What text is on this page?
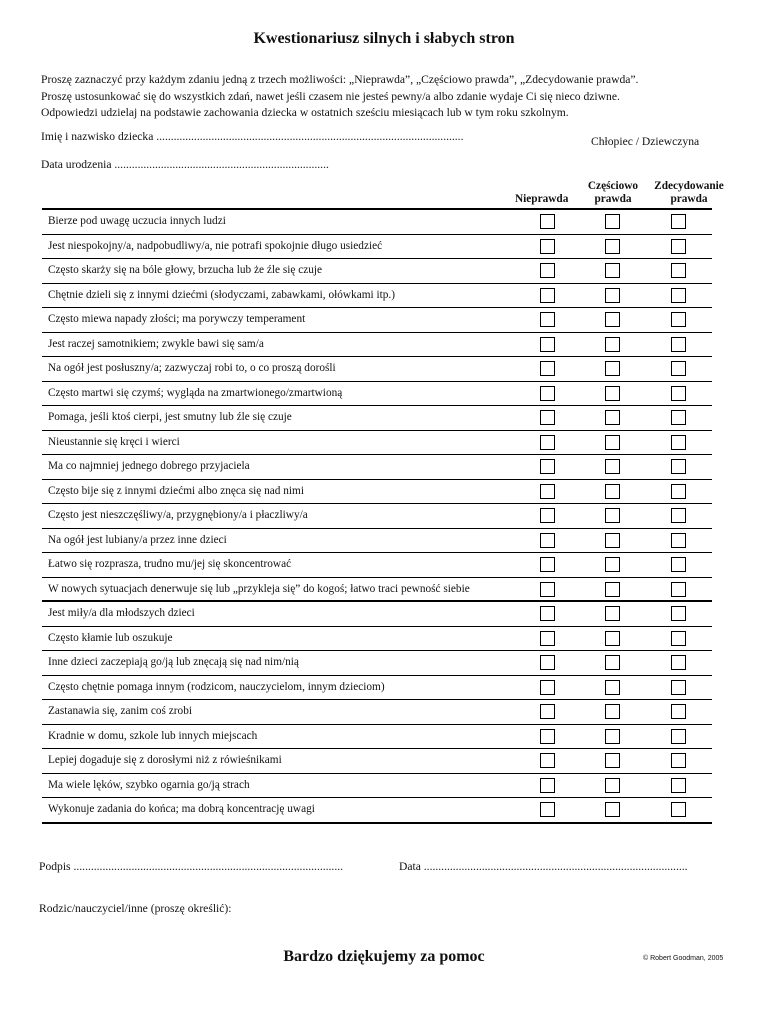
Kwestionariusz silnych i słabych stron
Proszę zaznaczyć przy każdym zdaniu jedną z trzech możliwości: „Nieprawda”, „Częściowo prawda”, „Zdecydowanie prawda”.
Proszę ustosunkować się do wszystkich zdań, nawet jeśli czasem nie jesteś pewny/a albo zdanie wydaje Ci się nieco dziwne.
Odpowiedzi udzielaj na podstawie zachowania dziecka w ostatnich sześciu miesiącach lub w tym roku szkolnym.
Imię i nazwisko dziecka ..........................................................................................................	Chłopiec / Dziewczyna
Data urodzenia ..........................................................................
Nieprawda
Częściowo
prawda
Zdecydowanie
prawda
Bierze pod uwagę uczucia innych ludzi
Jest niespokojny/a, nadpobudliwy/a, nie potrafi spokojnie długo usiedzieć
Często skarży się na bóle głowy, brzucha lub że źle się czuje
Chętnie dzieli się z innymi dziećmi (słodyczami, zabawkami, ołówkami itp.)
Często miewa napady złości; ma porywczy temperament
Jest raczej samotnikiem; zwykle bawi się sam/a
Na ogół jest posłuszny/a; zazwyczaj robi to, o co proszą dorośli
Często martwi się czymś; wygląda na zmartwionego/zmartwioną
Pomaga, jeśli ktoś cierpi, jest smutny lub źle się czuje
Nieustannie się kręci i wierci
Ma co najmniej jednego dobrego przyjaciela
Często bije się z innymi dziećmi albo znęca się nad nimi
Często jest nieszczęśliwy/a, przygnębiony/a i płaczliwy/a
Na ogół jest lubiany/a przez inne dzieci
Łatwo się rozprasza, trudno mu/jej się skoncentrować
W nowych sytuacjach denerwuje się lub „przykleja się” do kogoś; łatwo traci pewność siebie
Jest miły/a dla młodszych dzieci
Często kłamie lub oszukuje
Inne dzieci zaczepiają go/ją lub znęcają się nad nim/nią
Często chętnie pomaga innym (rodzicom, nauczycielom, innym dzieciom)
Zastanawia się, zanim coś zrobi
Kradnie w domu, szkole lub innych miejscach
Lepiej dogaduje się z dorosłymi niż z rówieśnikami
Ma wiele lęków, szybko ogarnia go/ją strach
Wykonuje zadania do końca; ma dobrą koncentrację uwagi
Podpis .............................................................................................	Data ...........................................................................................
Rodzic/nauczyciel/inne (proszę określić):
Bardzo dziękujemy za pomoc	© Robert Goodman, 2005
